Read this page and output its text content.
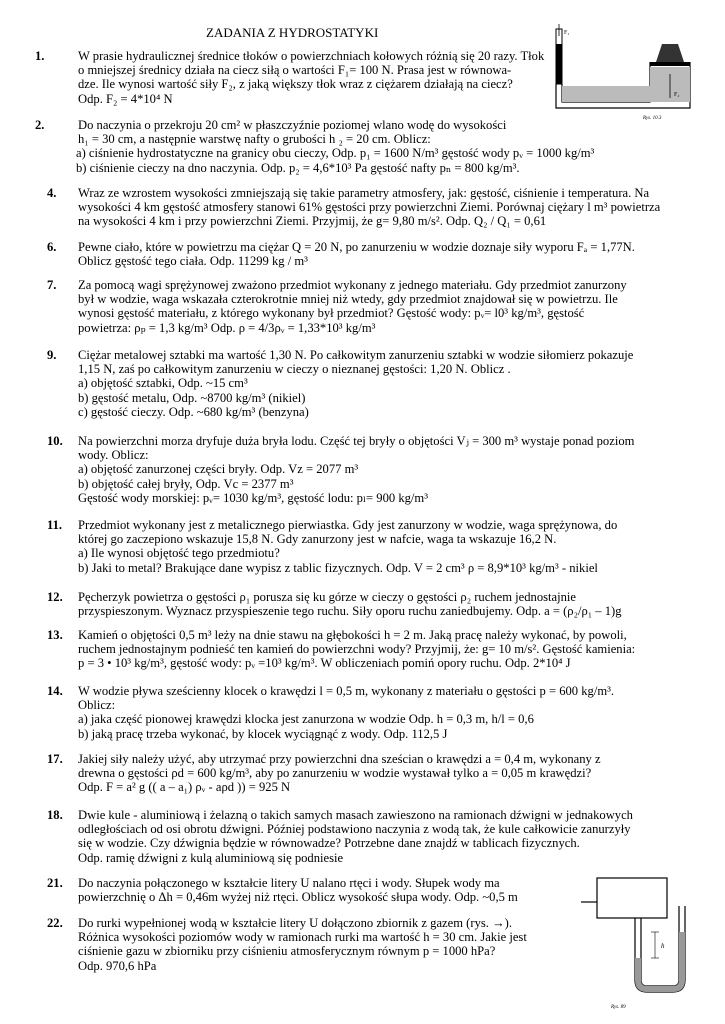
ZADANIA Z HYDROSTATYKI
1.	W prasie hydraulicznej średnice tłoków o powierzchniach kołowych różnią się 20 razy. Tłok
o mniejszej średnicy działa na ciecz siłą o wartości F₁= 100 N. Prasa jest w równowa-
dze. Ile wynosi wartość siły F₂, z jaką większy tłok wraz z ciężarem działają na ciecz?
Odp. F₂ = 4*10⁴ N
2.	Do naczynia o przekroju 20 cm² w płaszczyźnie poziomej wlano wodę do wysokości
h₁ = 30 cm, a następnie warstwę nafty o grubości h ₂ = 20 cm. Oblicz:
a) ciśnienie hydrostatyczne na granicy obu cieczy, Odp. p₁ = 1600 N/m³ gęstość wody pᵥ = 1000 kg/m³
b) ciśnienie cieczy na dno naczynia. Odp. p₂ = 4,6*10³ Pa gęstość nafty pₙ = 800 kg/m³.
4.	Wraz ze wzrostem wysokości zmniejszają się takie parametry atmosfery, jak: gęstość, ciśnienie i temperatura. Na
wysokości 4 km gęstość atmosfery stanowi 61% gęstości przy powierzchni Ziemi. Porównaj ciężary l m³ powietrza
na wysokości 4 km i przy powierzchni Ziemi. Przyjmij, że g= 9,80 m/s². Odp. Q₂ / Q₁ = 0,61
6.	Pewne ciało, które w powietrzu ma ciężar Q = 20 N, po zanurzeniu w wodzie doznaje siły wyporu Fₐ = 1,77N.
Oblicz gęstość tego ciała. Odp. 11299 kg / m³
7.	Za pomocą wagi sprężynowej zważono przedmiot wykonany z jednego materiału. Gdy przedmiot zanurzony
był w wodzie, waga wskazała czterokrotnie mniej niż wtedy, gdy przedmiot znajdował się w powietrzu. Ile
wynosi gęstość materiału, z którego wykonany był przedmiot? Gęstość wody: pᵥ= l0³ kg/m³, gęstość
powietrza: ρₚ = 1,3 kg/m³ Odp. ρ = 4/3ρᵥ = 1,33*10³ kg/m³
9.	Ciężar metalowej sztabki ma wartość 1,30 N. Po całkowitym zanurzeniu sztabki w wodzie siłomierz pokazuje
1,15 N, zaś po całkowitym zanurzeniu w cieczy o nieznanej gęstości: 1,20 N. Oblicz .
a) objętość sztabki, Odp. ~15 cm³
b) gęstość metalu, Odp. ~8700 kg/m³ (nikiel)
c) gęstość cieczy. Odp. ~680 kg/m³ (benzyna)
10.	Na powierzchni morza dryfuje duża bryła lodu. Część tej bryły o objętości Vⱼ = 300 m³ wystaje ponad poziom
wody. Oblicz:
a) objętość zanurzonej części bryły. Odp. Vz = 2077 m³
b) objętość całej bryły, Odp. Vc = 2377 m³
Gęstość wody morskiej: pᵥ= 1030 kg/m³, gęstość lodu: pₗ= 900 kg/m³
11.	Przedmiot wykonany jest z metalicznego pierwiastka. Gdy jest zanurzony w wodzie, waga sprężynowa, do
której go zaczepiono wskazuje 15,8 N. Gdy zanurzony jest w nafcie, waga ta wskazuje 16,2 N.
a) Ile wynosi objętość tego przedmiotu?
b) Jaki to metal? Brakujące dane wypisz z tablic fizycznych. Odp. V = 2 cm³ ρ = 8,9*10³ kg/m³ - nikiel
12.	Pęcherzyk powietrza o gęstości ρ₁ porusza się ku górze w cieczy o gęstości ρ₂ ruchem jednostajnie
przyspieszonym. Wyznacz przyspieszenie tego ruchu. Siły oporu ruchu zaniedbujemy. Odp. a = (ρ₂/ρ₁ – 1)g
13.	Kamień o objętości 0,5 m³ leży na dnie stawu na głębokości h = 2 m. Jaką pracę należy wykonać, by powoli,
ruchem jednostajnym podnieść ten kamień do powierzchni wody? Przyjmij, że: g= 10 m/s². Gęstość kamienia:
p = 3 • 10³ kg/m³, gęstość wody: pᵥ =10³ kg/m³. W obliczeniach pomiń opory ruchu. Odp. 2*10⁴ J
14.	W wodzie pływa sześcienny klocek o krawędzi l = 0,5 m, wykonany z materiału o gęstości p = 600 kg/m³.
Oblicz:
a) jaka część pionowej krawędzi klocka jest zanurzona w wodzie Odp. h = 0,3 m, h/l = 0,6
b) jaką pracę trzeba wykonać, by klocek wyciągnąć z wody. Odp. 112,5 J
17.	Jakiej siły należy użyć, aby utrzymać przy powierzchni dna sześcian o krawędzi a = 0,4 m, wykonany z
drewna o gęstości ρd = 600 kg/m³, aby po zanurzeniu w wodzie wystawał tylko a = 0,05 m krawędzi?
Odp. F = a² g (( a – a₁) ρᵥ - aρd )) = 925 N
18.	Dwie kule - aluminiową i żelazną o takich samych masach zawieszono na ramionach dźwigni w jednakowych
odległościach od osi obrotu dźwigni. Później podstawiono naczynia z wodą tak, że kule całkowicie zanurzyły
się w wodzie. Czy dźwignia będzie w równowadze? Potrzebne dane znajdź w tablicach fizycznych.
Odp. ramię dźwigni z kulą aluminiową się podniesie
21.	Do naczynia połączonego w kształcie litery U nalano rtęci i wody. Słupek wody ma
powierzchnię o Δh = 0,46m wyżej niż rtęci. Oblicz wysokość słupa wody. Odp. ~0,5 m
22.	Do rurki wypełnionej wodą w kształcie litery U dołączono zbiornik z gazem (rys. →).
Różnica wysokości poziomów wody w ramionach rurki ma wartość h = 30 cm. Jakie jest
ciśnienie gazu w zbiorniku przy ciśnieniu atmosferycznym równym p = 1000 hPa?
Odp. 970,6 hPa
F₁
F₂
Rys. 10.3
h
Rys. 89
